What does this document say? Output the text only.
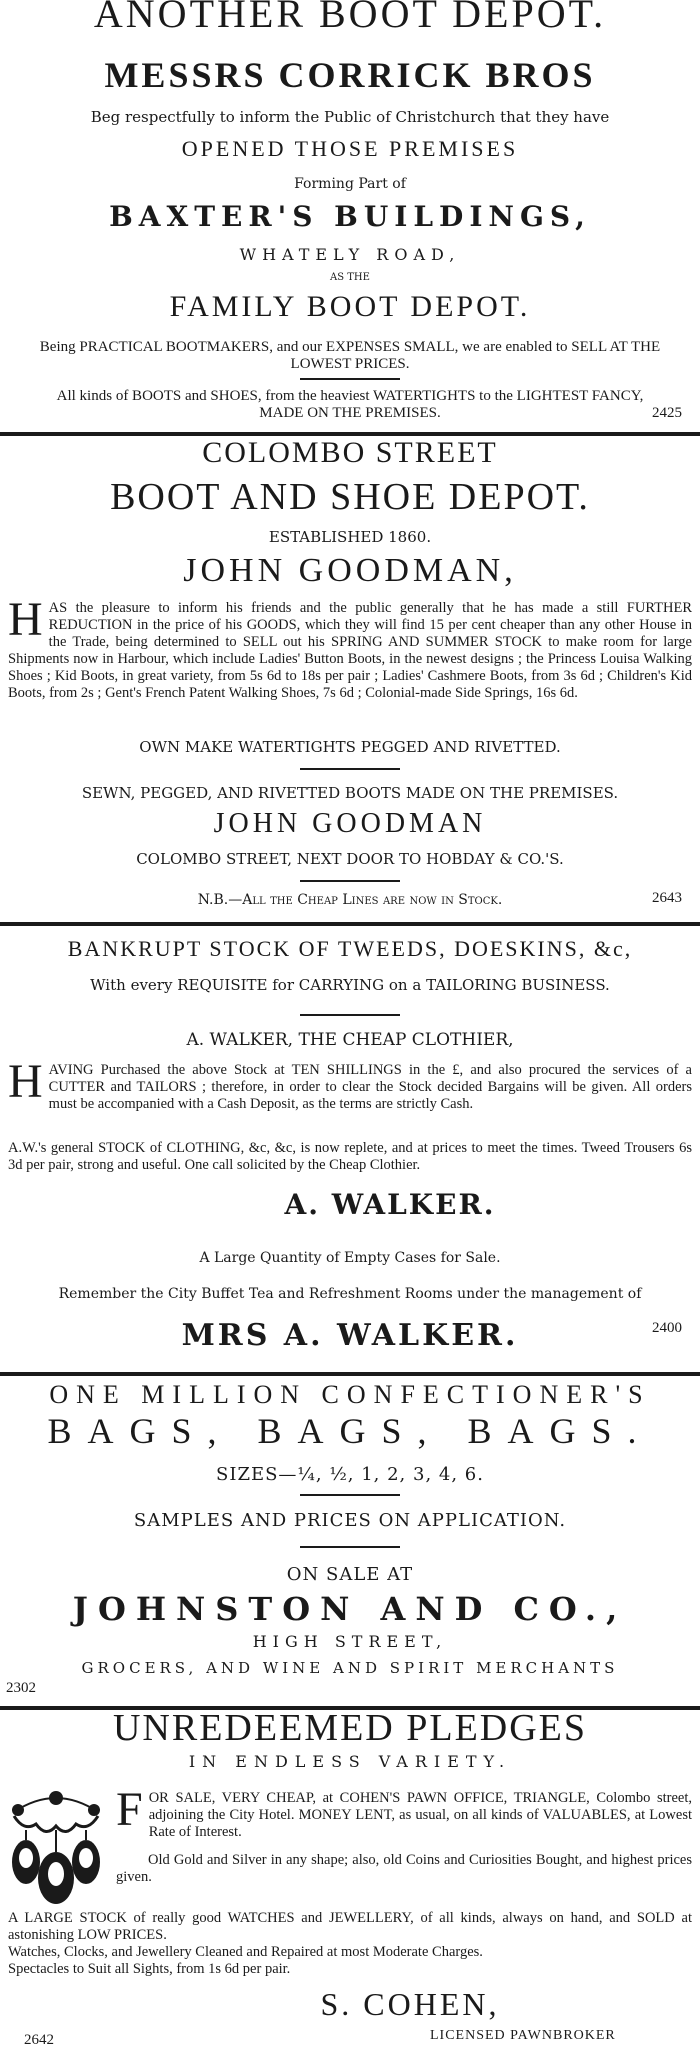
ANOTHER BOOT DEPOT.
MESSRS CORRICK BROS
Beg respectfully to inform the Public of Christchurch that they have
OPENED THOSE PREMISES
Forming Part of
BAXTER'S BUILDINGS,
WHATELY ROAD,
AS THE
FAMILY BOOT DEPOT.
Being PRACTICAL BOOTMAKERS, and our EXPENSES SMALL, we are enabled to SELL AT THE LOWEST PRICES.
All kinds of BOOTS and SHOES, from the heaviest WATERTIGHTS to the LIGHTEST FANCY, MADE ON THE PREMISES.	2425
COLOMBO STREET
BOOT AND SHOE DEPOT.
ESTABLISHED 1860.
JOHN GOODMAN,
HAS the pleasure to inform his friends and the public generally that he has made a still FURTHER REDUCTION in the price of his GOODS, which they will find 15 per cent cheaper than any other House in the Trade, being determined to SELL out his SPRING AND SUMMER STOCK to make room for large Shipments now in Harbour, which include Ladies' Button Boots, in the newest designs ; the Princess Louisa Walking Shoes ; Kid Boots, in great variety, from 5s 6d to 18s per pair ; Ladies' Cashmere Boots, from 3s 6d ; Children's Kid Boots, from 2s ; Gent's French Patent Walking Shoes, 7s 6d ; Colonial-made Side Springs, 16s 6d.
OWN MAKE WATERTIGHTS PEGGED AND RIVETTED.
SEWN, PEGGED, AND RIVETTED BOOTS MADE ON THE PREMISES.
JOHN GOODMAN
COLOMBO STREET, NEXT DOOR TO HOBDAY & CO.'S.
N.B.—All the Cheap Lines are now in Stock.	2643
BANKRUPT STOCK OF TWEEDS, DOESKINS, &c,
With every REQUISITE for CARRYING on a TAILORING BUSINESS.
A. WALKER, THE CHEAP CLOTHIER,
HAVING Purchased the above Stock at TEN SHILLINGS in the £, and also procured the services of a CUTTER and TAILORS ; therefore, in order to clear the Stock decided Bargains will be given. All orders must be accompanied with a Cash Deposit, as the terms are strictly Cash.
A.W.'s general STOCK of CLOTHING, &c, &c, is now replete, and at prices to meet the times. Tweed Trousers 6s 3d per pair, strong and useful. One call solicited by the Cheap Clothier.
A. WALKER.
A Large Quantity of Empty Cases for Sale.
Remember the City Buffet Tea and Refreshment Rooms under the management of
MRS A. WALKER.	2400
ONE MILLION CONFECTIONER'S
BAGS, BAGS, BAGS.
SIZES—¼, ½, 1, 2, 3, 4, 6.
SAMPLES AND PRICES ON APPLICATION.
ON SALE AT
JOHNSTON AND CO.,
HIGH STREET,
GROCERS, AND WINE AND SPIRIT MERCHANTS
2302
UNREDEEMED PLEDGES
IN ENDLESS VARIETY.
FOR SALE, VERY CHEAP, at COHEN'S PAWN OFFICE, TRIANGLE, Colombo street, adjoining the City Hotel. MONEY LENT, as usual, on all kinds of VALUABLES, at Lowest Rate of Interest.
Old Gold and Silver in any shape; also, old Coins and Curiosities Bought, and highest prices given.
A LARGE STOCK of really good WATCHES and JEWELLERY, of all kinds, always on hand, and SOLD at astonishing LOW PRICES.
Watches, Clocks, and Jewellery Cleaned and Repaired at most Moderate Charges.
Spectacles to Suit all Sights, from 1s 6d per pair.
S. COHEN,
LICENSED PAWNBROKER
2642
